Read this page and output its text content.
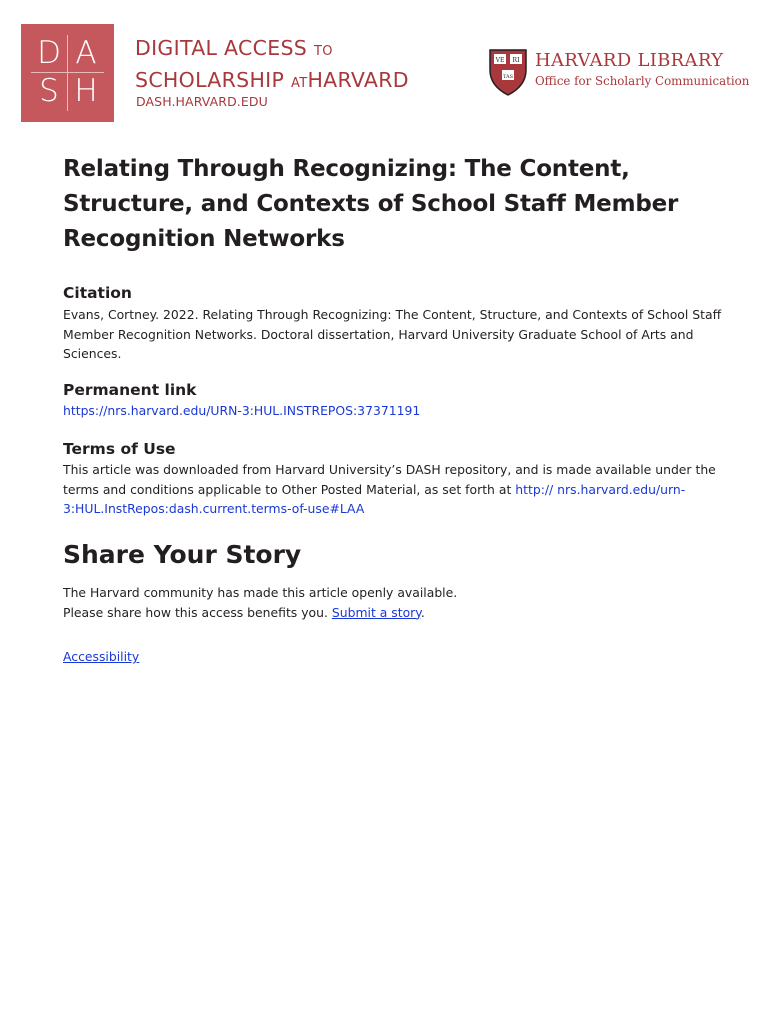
D A
S H
DIGITAL ACCESS TO
SCHOLARSHIP ATHARVARD
DASH.HARVARD.EDU
VE RI
TAS
HARVARD LIBRARY
Office for Scholarly Communication
Relating Through Recognizing: The Content, Structure, and Contexts of School Staff Member Recognition Networks
Citation

Evans, Cortney. 2022. Relating Through Recognizing: The Content, Structure, and Contexts of School Staff Member Recognition Networks. Doctoral dissertation, Harvard University Graduate School of Arts and Sciences.

Permanent link

https://nrs.harvard.edu/URN-3:HUL.INSTREPOS:37371191

Terms of Use

This article was downloaded from Harvard University’s DASH repository, and is made available under the terms and conditions applicable to Other Posted Material, as set forth at http:// nrs.harvard.edu/urn-3:HUL.InstRepos:dash.current.terms-of-use#LAA

Share Your Story

The Harvard community has made this article openly available.
Please share how this access benefits you. Submit a story.

Accessibility
